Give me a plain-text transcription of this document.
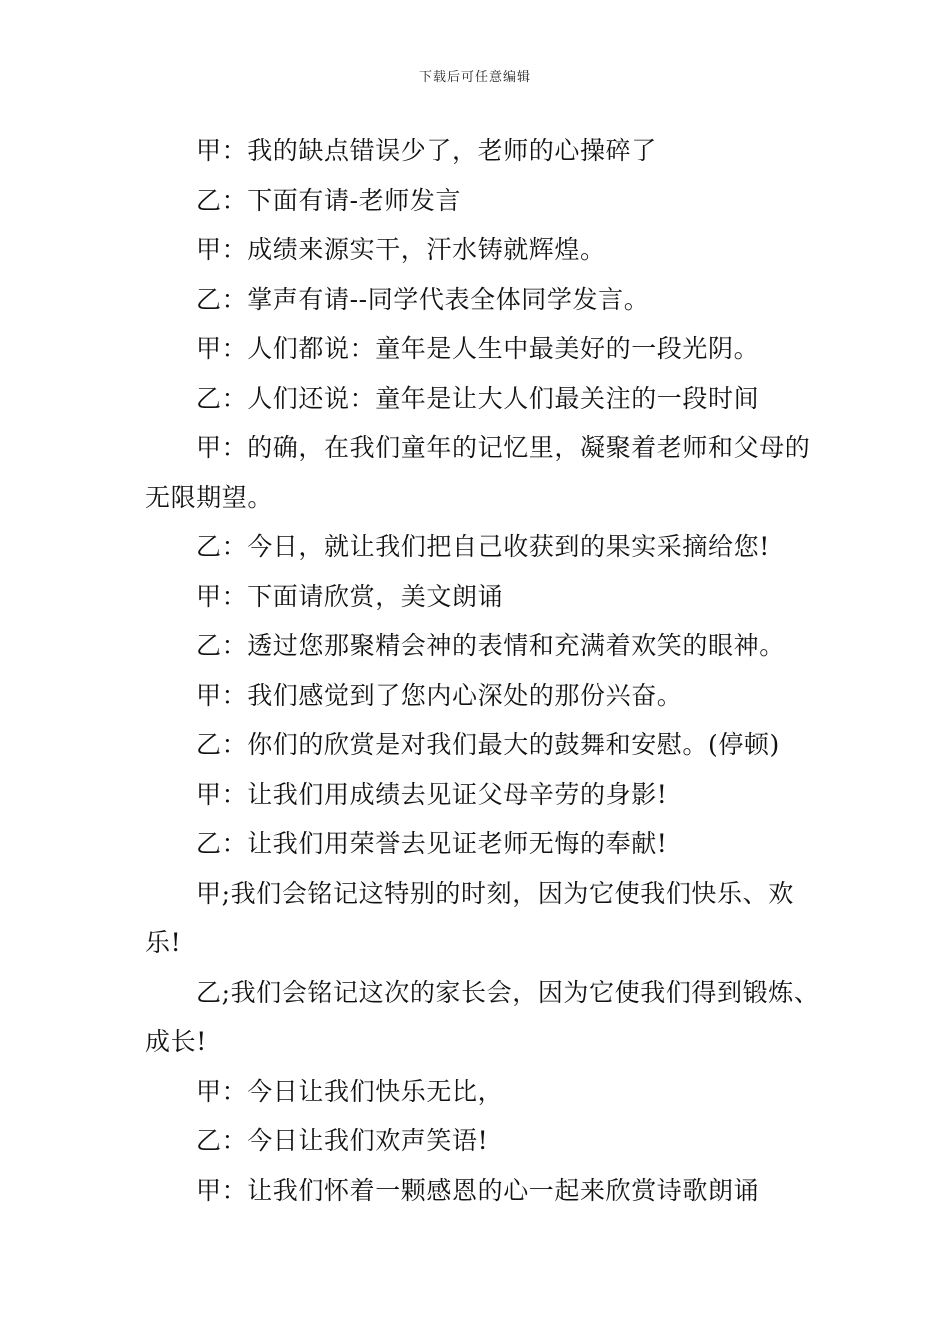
下载后可任意编辑

甲：我的缺点错误少了，老师的心操碎了

乙：下面有请-老师发言

甲：成绩来源实干，汗水铸就辉煌。

乙：掌声有请--同学代表全体同学发言。

甲：人们都说：童年是人生中最美好的一段光阴。

乙：人们还说：童年是让大人们最关注的一段时间

甲：的确，在我们童年的记忆里，凝聚着老师和父母的无限期望。

乙：今日，就让我们把自己收获到的果实采摘给您!

甲：下面请欣赏，美文朗诵

乙：透过您那聚精会神的表情和充满着欢笑的眼神。

甲：我们感觉到了您内心深处的那份兴奋。

乙：你们的欣赏是对我们最大的鼓舞和安慰。(停顿)

甲：让我们用成绩去见证父母辛劳的身影!

乙：让我们用荣誉去见证老师无悔的奉献!

甲;我们会铭记这特别的时刻，因为它使我们快乐、欢乐!

乙;我们会铭记这次的家长会，因为它使我们得到锻炼、成长!

甲：今日让我们快乐无比，

乙：今日让我们欢声笑语!

甲：让我们怀着一颗感恩的心一起来欣赏诗歌朗诵
